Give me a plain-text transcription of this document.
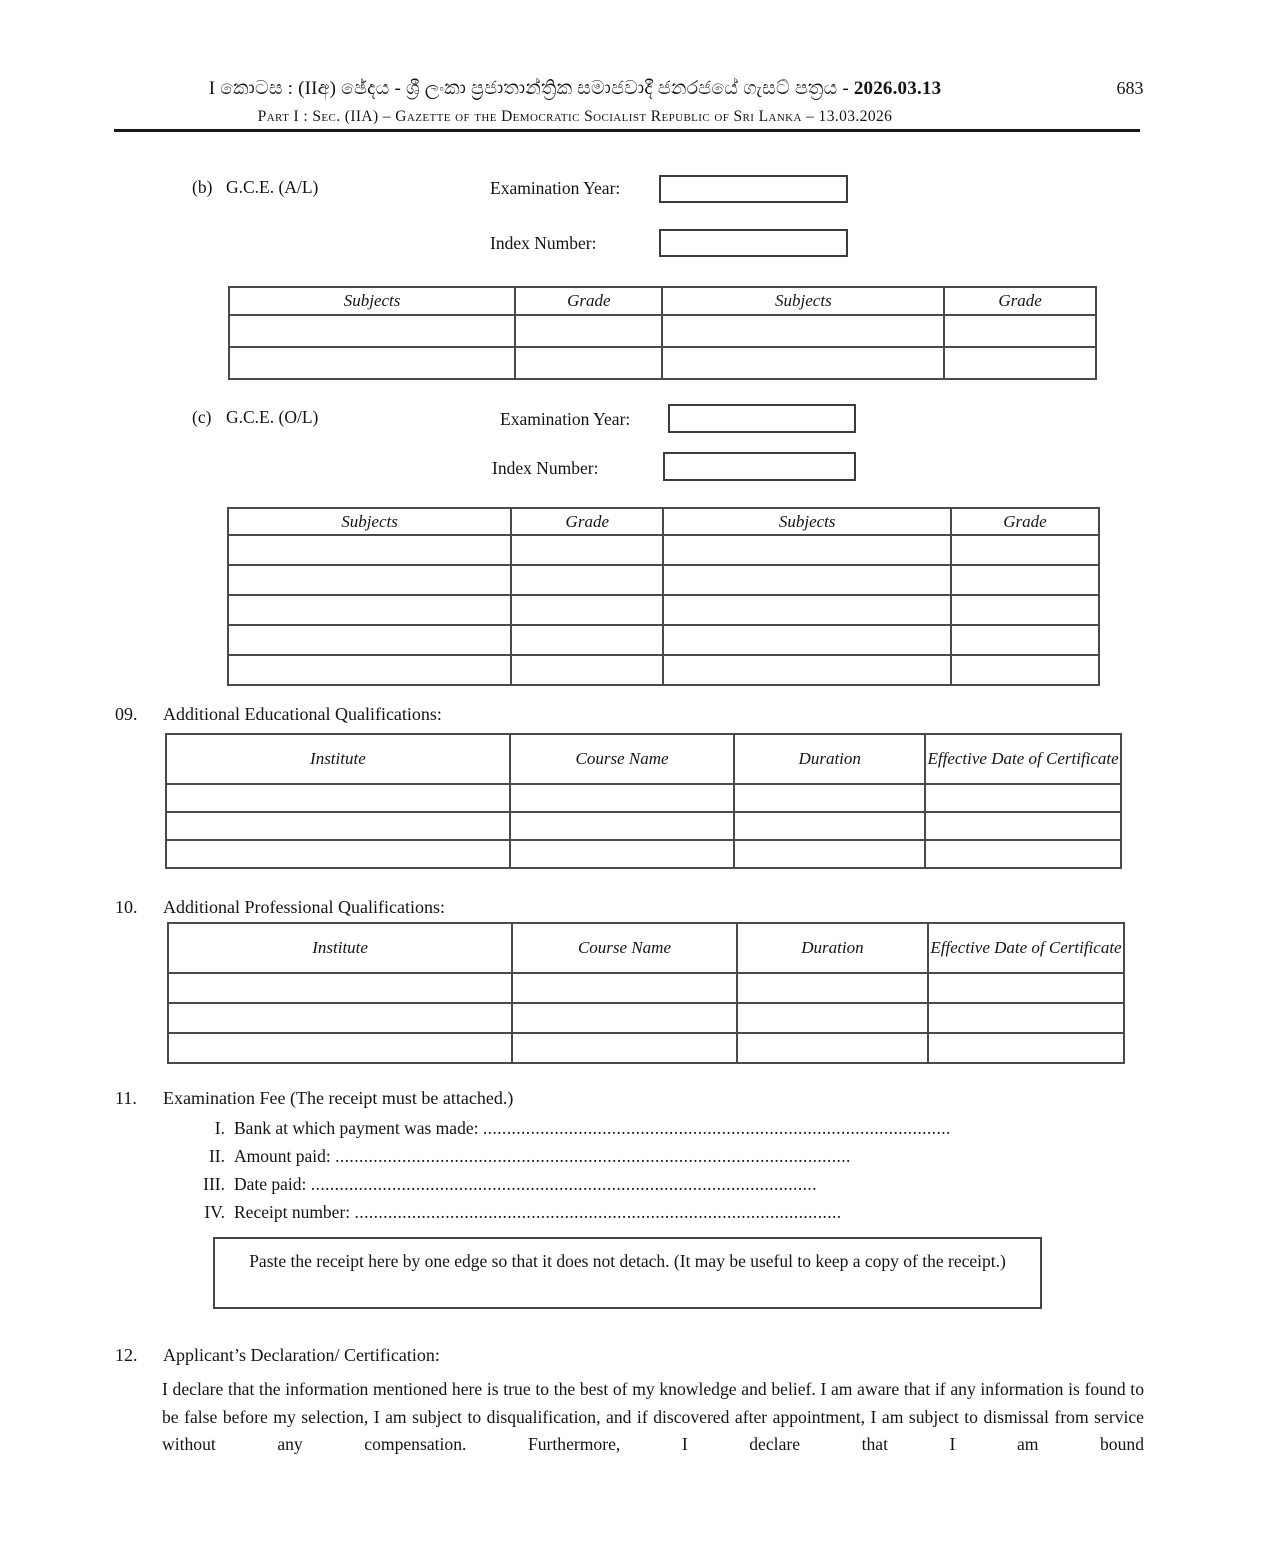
I කොටස : (IIඅ) ඡේදය - ශ්‍රී ලංකා ප්‍රජාතාන්ත්‍රික සමාජවාදී ජනරජයේ ගැසට් පත්‍රය - 2026.03.13
Part I : Sec. (IIA) – Gazette of the Democratic Socialist Republic of Sri Lanka – 13.03.2026
683
(b) G.C.E. (A/L)	Examination Year:
Index Number:
Subjects	Grade	Subjects	Grade

(c) G.C.E. (O/L)	Examination Year:
Index Number:
Subjects	Grade	Subjects	Grade

09. Additional Educational Qualifications:
Institute	Course Name	Duration	Effective Date of Certificate

10. Additional Professional Qualifications:
Institute	Course Name	Duration	Effective Date of Certificate

11. Examination Fee (The receipt must be attached.)
I. Bank at which payment was made: ..................................................................................................
II. Amount paid: ............................................................................................................
III. Date paid: ..........................................................................................................
IV. Receipt number: ......................................................................................................
Paste the receipt here by one edge so that it does not detach. (It may be useful to keep a copy of the receipt.)
12. Applicant’s Declaration/ Certification:
I declare that the information mentioned here is true to the best of my knowledge and belief. I am aware that if any information is found to be false before my selection, I am subject to disqualification, and if discovered after appointment, I am subject to dismissal from service without any compensation. Furthermore, I declare that I am bound
